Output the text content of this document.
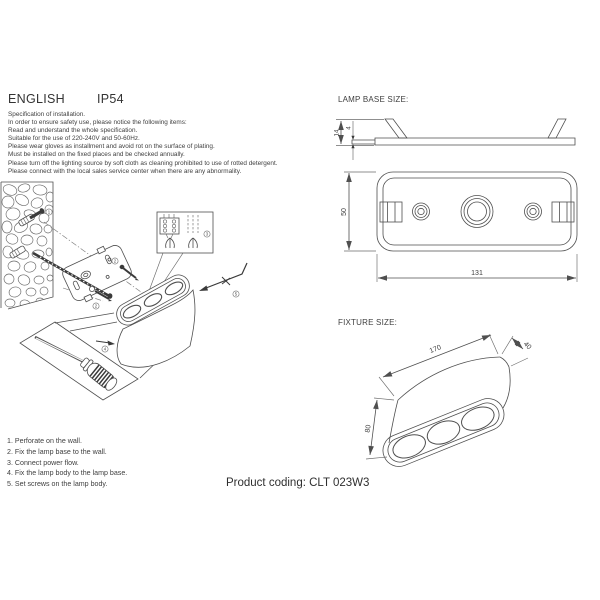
ENGLISH	IP54
Specification of installation.
In order to ensure safety use, please notice the following items:
Read and understand the whole specification.
Suitable for the use of 220-240V and 50-60Hz.
Please wear gloves as installment and avoid rot on the surface of plating.
Must be installed on the fixed places and be checked annually.
Please turn off the lighting source by soft cloth as cleaning prohibited to use of rotted detergent.
Please connect with the local sales service center when there are any abnormality.
1
2
2
3
4
5
LAMP BASE SIZE:
14
4
50
131
FIXTURE SIZE:
170	40
80
1. Perforate on the wall.
2. Fix the lamp base to the wall.
3. Connect power flow.
4. Fix the lamp body to the lamp base.
5. Set screws on the lamp body.	Product coding: CLT 023W3
